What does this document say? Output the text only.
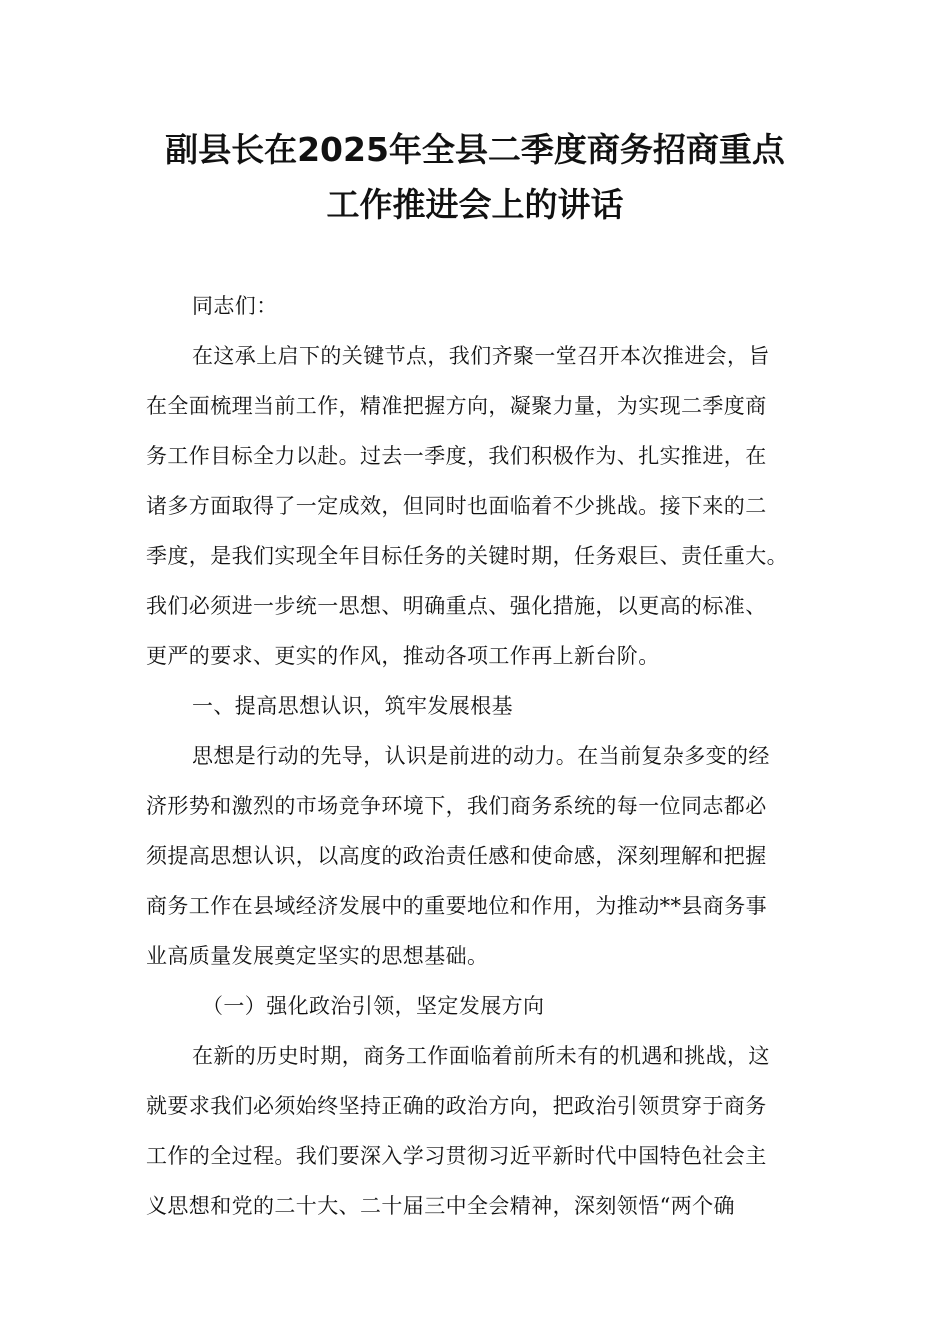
副县长在2025年全县二季度商务招商重点
工作推进会上的讲话
同志们：
在这承上启下的关键节点，我们齐聚一堂召开本次推进会，旨
在全面梳理当前工作，精准把握方向，凝聚力量，为实现二季度商
务工作目标全力以赴。过去一季度，我们积极作为、扎实推进，在
诸多方面取得了一定成效，但同时也面临着不少挑战。接下来的二
季度，是我们实现全年目标任务的关键时期，任务艰巨、责任重大。
我们必须进一步统一思想、明确重点、强化措施，以更高的标准、
更严的要求、更实的作风，推动各项工作再上新台阶。
一、提高思想认识，筑牢发展根基
思想是行动的先导，认识是前进的动力。在当前复杂多变的经
济形势和激烈的市场竞争环境下，我们商务系统的每一位同志都必
须提高思想认识，以高度的政治责任感和使命感，深刻理解和把握
商务工作在县域经济发展中的重要地位和作用，为推动**县商务事
业高质量发展奠定坚实的思想基础。
（一）强化政治引领，坚定发展方向
在新的历史时期，商务工作面临着前所未有的机遇和挑战，这
就要求我们必须始终坚持正确的政治方向，把政治引领贯穿于商务
工作的全过程。我们要深入学习贯彻习近平新时代中国特色社会主
义思想和党的二十大、二十届三中全会精神，深刻领悟“两个确
